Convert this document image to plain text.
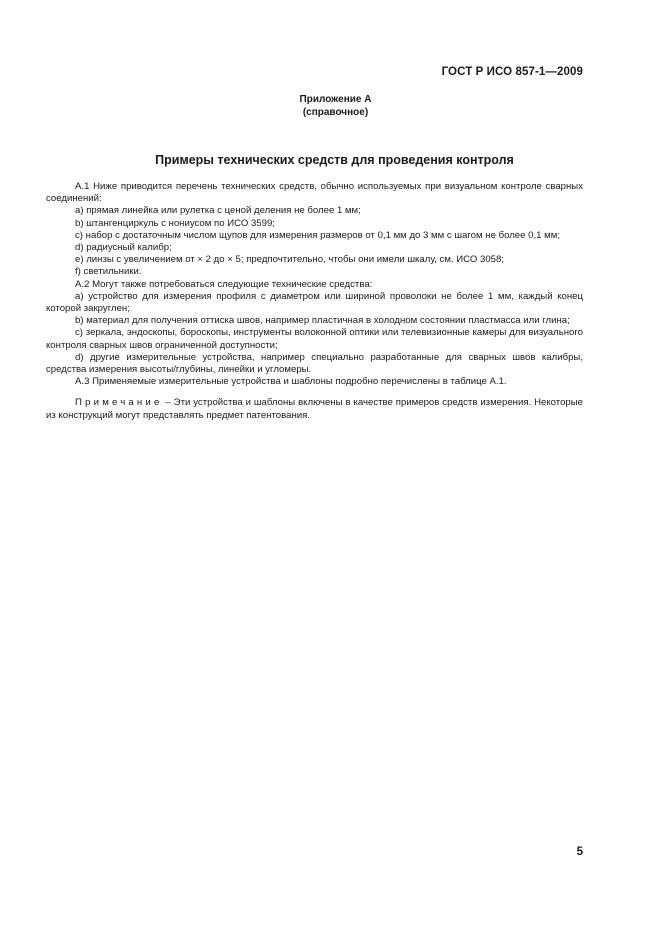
ГОСТ Р ИСО 857-1—2009
Приложение А
(справочное)
Примеры технических средств для проведения контроля

А.1 Ниже приводится перечень технических средств, обычно используемых при визуальном контроле сварных соединений:

а) прямая линейка или рулетка с ценой деления не более 1 мм;

b) штангенциркуль с нониусом по ИСО 3599;

с) набор с достаточным числом щупов для измерения размеров от 0,1 мм до 3 мм с шагом не более 0,1 мм;

d) радиусный калибр;

е) линзы с увеличением от × 2 до × 5; предпочтительно, чтобы они имели шкалу, см. ИСО 3058;

f) светильники.

А.2 Могут также потребоваться следующие технические средства:

а) устройство для измерения профиля с диаметром или шириной проволоки не более 1 мм, каждый конец которой закруглен;

b) материал для получения оттиска швов, например пластичная в холодном состоянии пластмасса или глина;

с) зеркала, эндоскопы, бороскопы, инструменты волоконной оптики или телевизионные камеры для визуального контроля сварных швов ограниченной доступности;

d) другие измерительные устройства, например специально разработанные для сварных швов калибры, средства измерения высоты/глубины, линейки и угломеры.

А.3 Применяемые измерительные устройства и шаблоны подробно перечислены в таблице А.1.

Примечание – Эти устройства и шаблоны включены в качестве примеров средств измерения. Некоторые из конструкций могут представлять предмет патентования.

5
